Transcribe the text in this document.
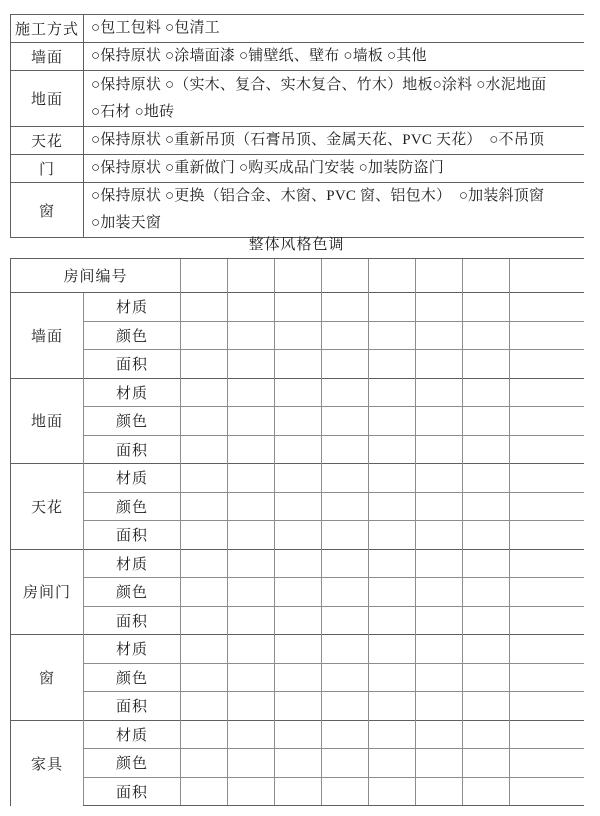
施工方式	○包工包料 ○包清工

墙面	○保持原状 ○涂墙面漆 ○铺壁纸、壁布 ○墙板 ○其他

地面	○保持原状 ○（实木、复合、实木复合、竹木）地板○涂料 ○水泥地面
○石材 ○地砖

天花	○保持原状 ○重新吊顶（石膏吊顶、金属天花、PVC 天花）　○不吊顶

门	○保持原状 ○重新做门 ○购买成品门安装 ○加装防盗门

窗	○保持原状 ○更换（铝合金、木窗、PVC 窗、铝包木）　○加装斜顶窗
○加装天窗
整体风格色调
房间编号									
墙面	材质								
	颜色								
	面积								
地面	材质								
	颜色								
	面积								
天花	材质								
	颜色								
	面积								
房间门	材质								
	颜色								
	面积								
窗	材质								
	颜色								
	面积								
家具	材质								
	颜色								
	面积								
